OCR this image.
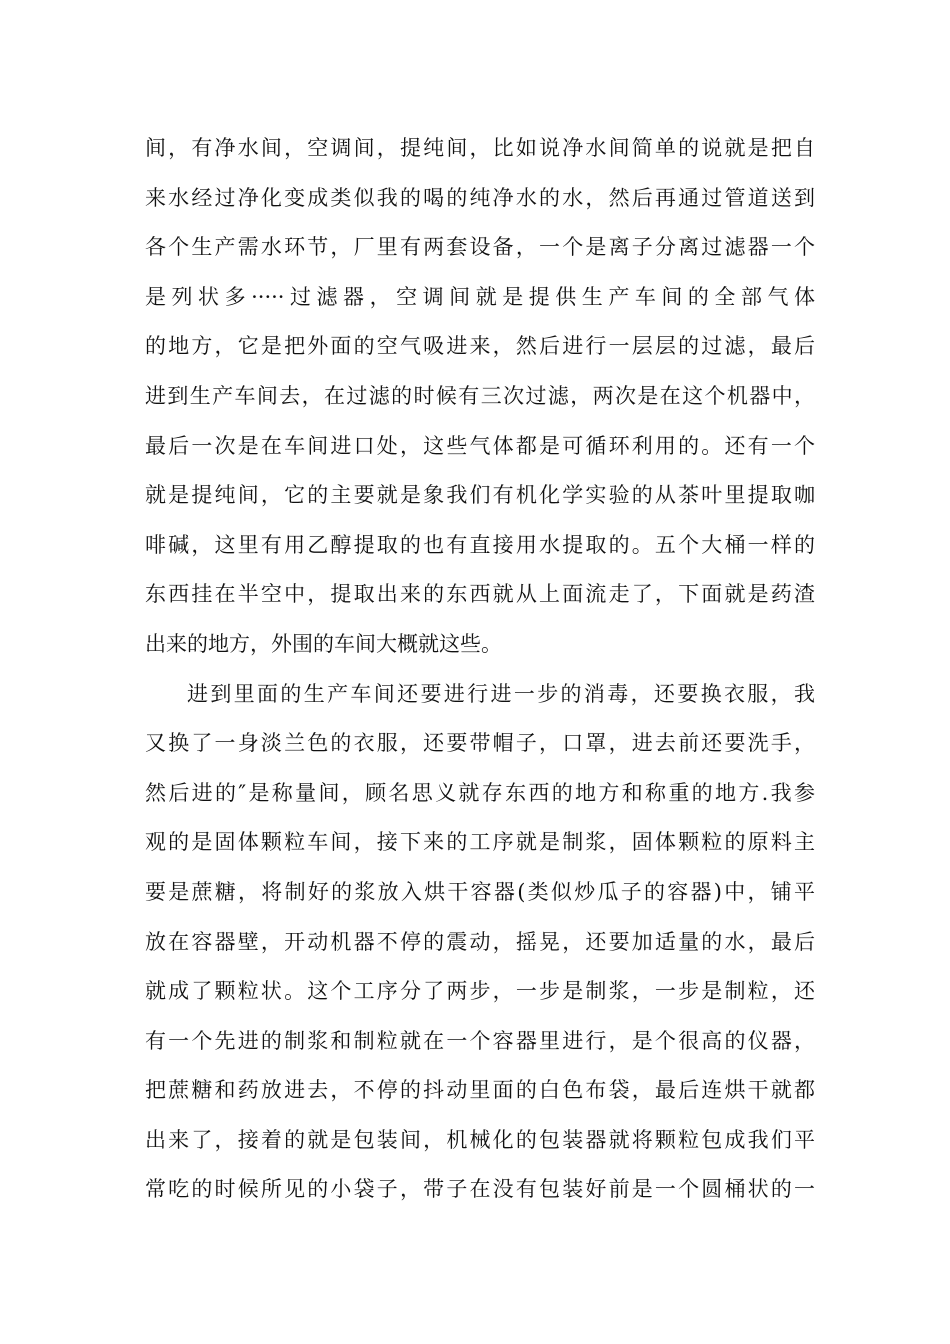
间，有净水间，空调间，提纯间，比如说净水间简单的说就是把自
来水经过净化变成类似我的喝的纯净水的水，然后再通过管道送到
各个生产需水环节，厂里有两套设备，一个是离子分离过滤器一个
是列状多·····过滤器，空调间就是提供生产车间的全部气体
的地方，它是把外面的空气吸进来，然后进行一层层的过滤，最后
进到生产车间去，在过滤的时候有三次过滤，两次是在这个机器中，
最后一次是在车间进口处，这些气体都是可循环利用的。还有一个
就是提纯间，它的主要就是象我们有机化学实验的从茶叶里提取咖
啡碱，这里有用乙醇提取的也有直接用水提取的。五个大桶一样的
东西挂在半空中，提取出来的东西就从上面流走了，下面就是药渣
出来的地方，外围的车间大概就这些。
进到里面的生产车间还要进行进一步的消毒，还要换衣服，我
又换了一身淡兰色的衣服，还要带帽子，口罩，进去前还要洗手，
然后进的″是称量间，顾名思义就存东西的地方和称重的地方.我参
观的是固体颗粒车间，接下来的工序就是制浆，固体颗粒的原料主
要是蔗糖，将制好的浆放入烘干容器(类似炒瓜子的容器)中，铺平
放在容器壁，开动机器不停的震动，摇晃，还要加适量的水，最后
就成了颗粒状。这个工序分了两步，一步是制浆，一步是制粒，还
有一个先进的制浆和制粒就在一个容器里进行，是个很高的仪器，
把蔗糖和药放进去，不停的抖动里面的白色布袋，最后连烘干就都
出来了，接着的就是包装间，机械化的包装器就将颗粒包成我们平
常吃的时候所见的小袋子，带子在没有包装好前是一个圆桶状的一
